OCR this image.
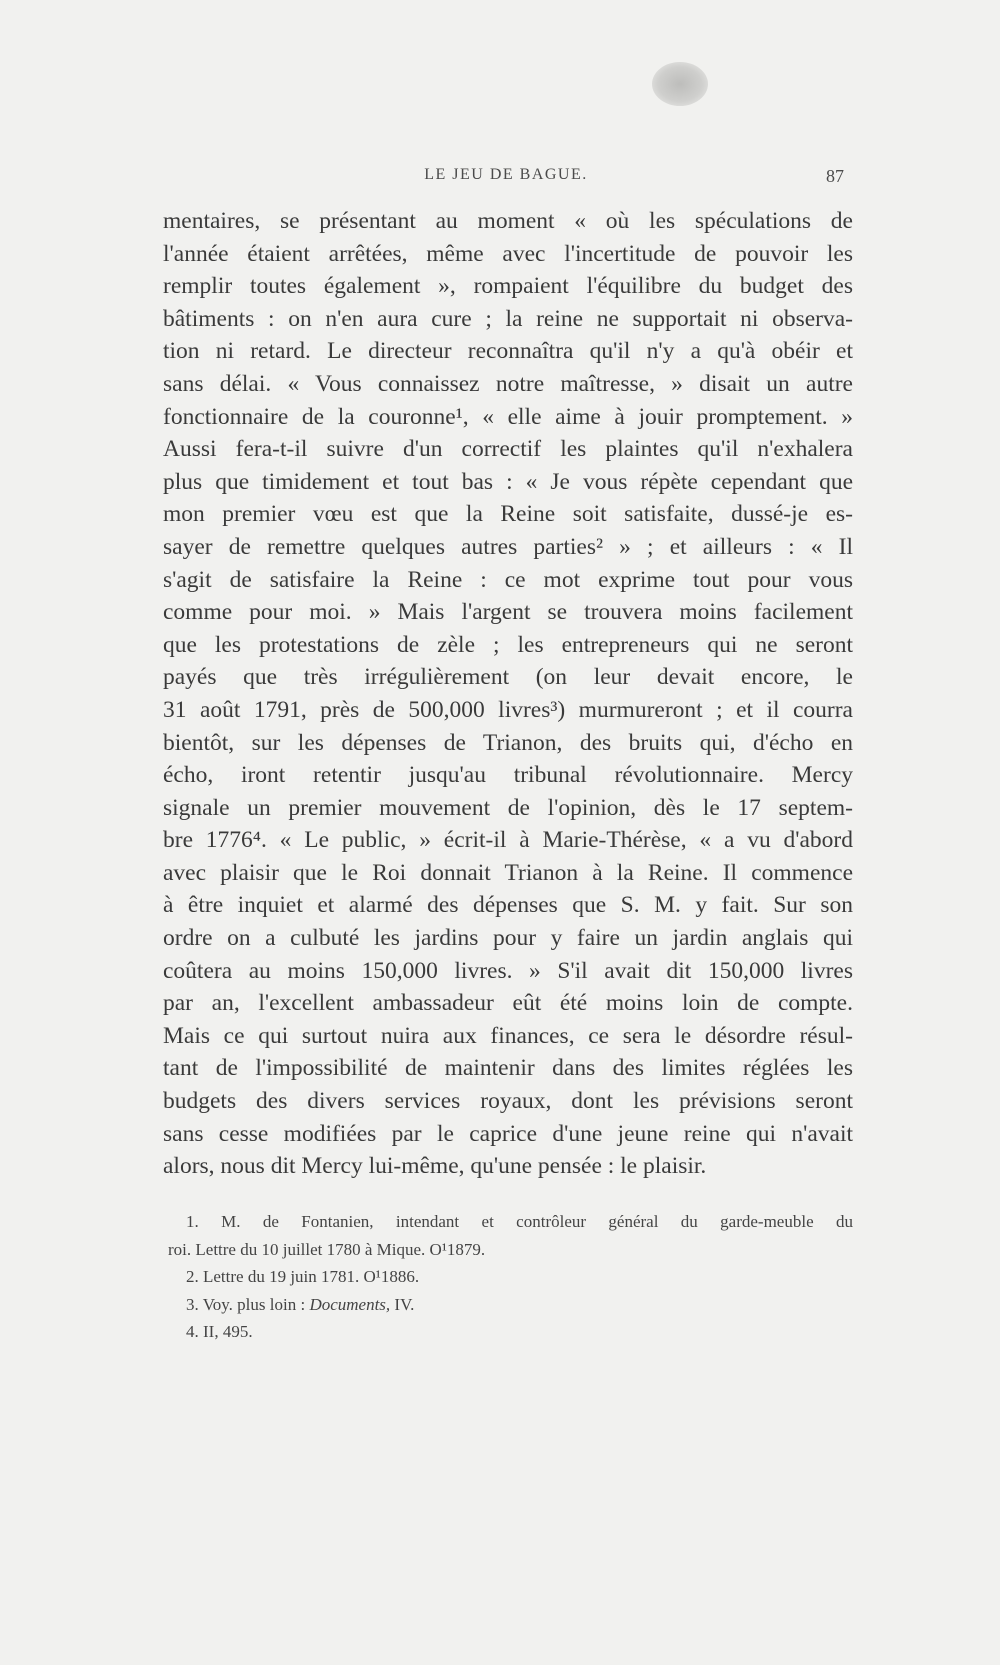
LE JEU DE BAGUE.	87
mentaires, se présentant au moment « où les spéculations de
l'année étaient arrêtées, même avec l'incertitude de pouvoir les
remplir toutes également », rompaient l'équilibre du budget des
bâtiments : on n'en aura cure ; la reine ne supportait ni observa-
tion ni retard. Le directeur reconnaîtra qu'il n'y a qu'à obéir et
sans délai. « Vous connaissez notre maîtresse, » disait un autre
fonctionnaire de la couronne¹, « elle aime à jouir promptement. »
Aussi fera-t-il suivre d'un correctif les plaintes qu'il n'exhalera
plus que timidement et tout bas : « Je vous répète cependant que
mon premier vœu est que la Reine soit satisfaite, dussé-je es-
sayer de remettre quelques autres parties² » ; et ailleurs : « Il
s'agit de satisfaire la Reine : ce mot exprime tout pour vous
comme pour moi. » Mais l'argent se trouvera moins facilement
que les protestations de zèle ; les entrepreneurs qui ne seront
payés que très irrégulièrement (on leur devait encore, le
31 août 1791, près de 500,000 livres³) murmureront ; et il courra
bientôt, sur les dépenses de Trianon, des bruits qui, d'écho en
écho, iront retentir jusqu'au tribunal révolutionnaire. Mercy
signale un premier mouvement de l'opinion, dès le 17 septem-
bre 1776⁴. « Le public, » écrit-il à Marie-Thérèse, « a vu d'abord
avec plaisir que le Roi donnait Trianon à la Reine. Il commence
à être inquiet et alarmé des dépenses que S. M. y fait. Sur son
ordre on a culbuté les jardins pour y faire un jardin anglais qui
coûtera au moins 150,000 livres. » S'il avait dit 150,000 livres
par an, l'excellent ambassadeur eût été moins loin de compte.
Mais ce qui surtout nuira aux finances, ce sera le désordre résul-
tant de l'impossibilité de maintenir dans des limites réglées les
budgets des divers services royaux, dont les prévisions seront
sans cesse modifiées par le caprice d'une jeune reine qui n'avait
alors, nous dit Mercy lui-même, qu'une pensée : le plaisir.
1. M. de Fontanien, intendant et contrôleur général du garde-meuble du
roi. Lettre du 10 juillet 1780 à Mique. O¹1879.
2. Lettre du 19 juin 1781. O¹1886.
3. Voy. plus loin : Documents, IV.
4. II, 495.
